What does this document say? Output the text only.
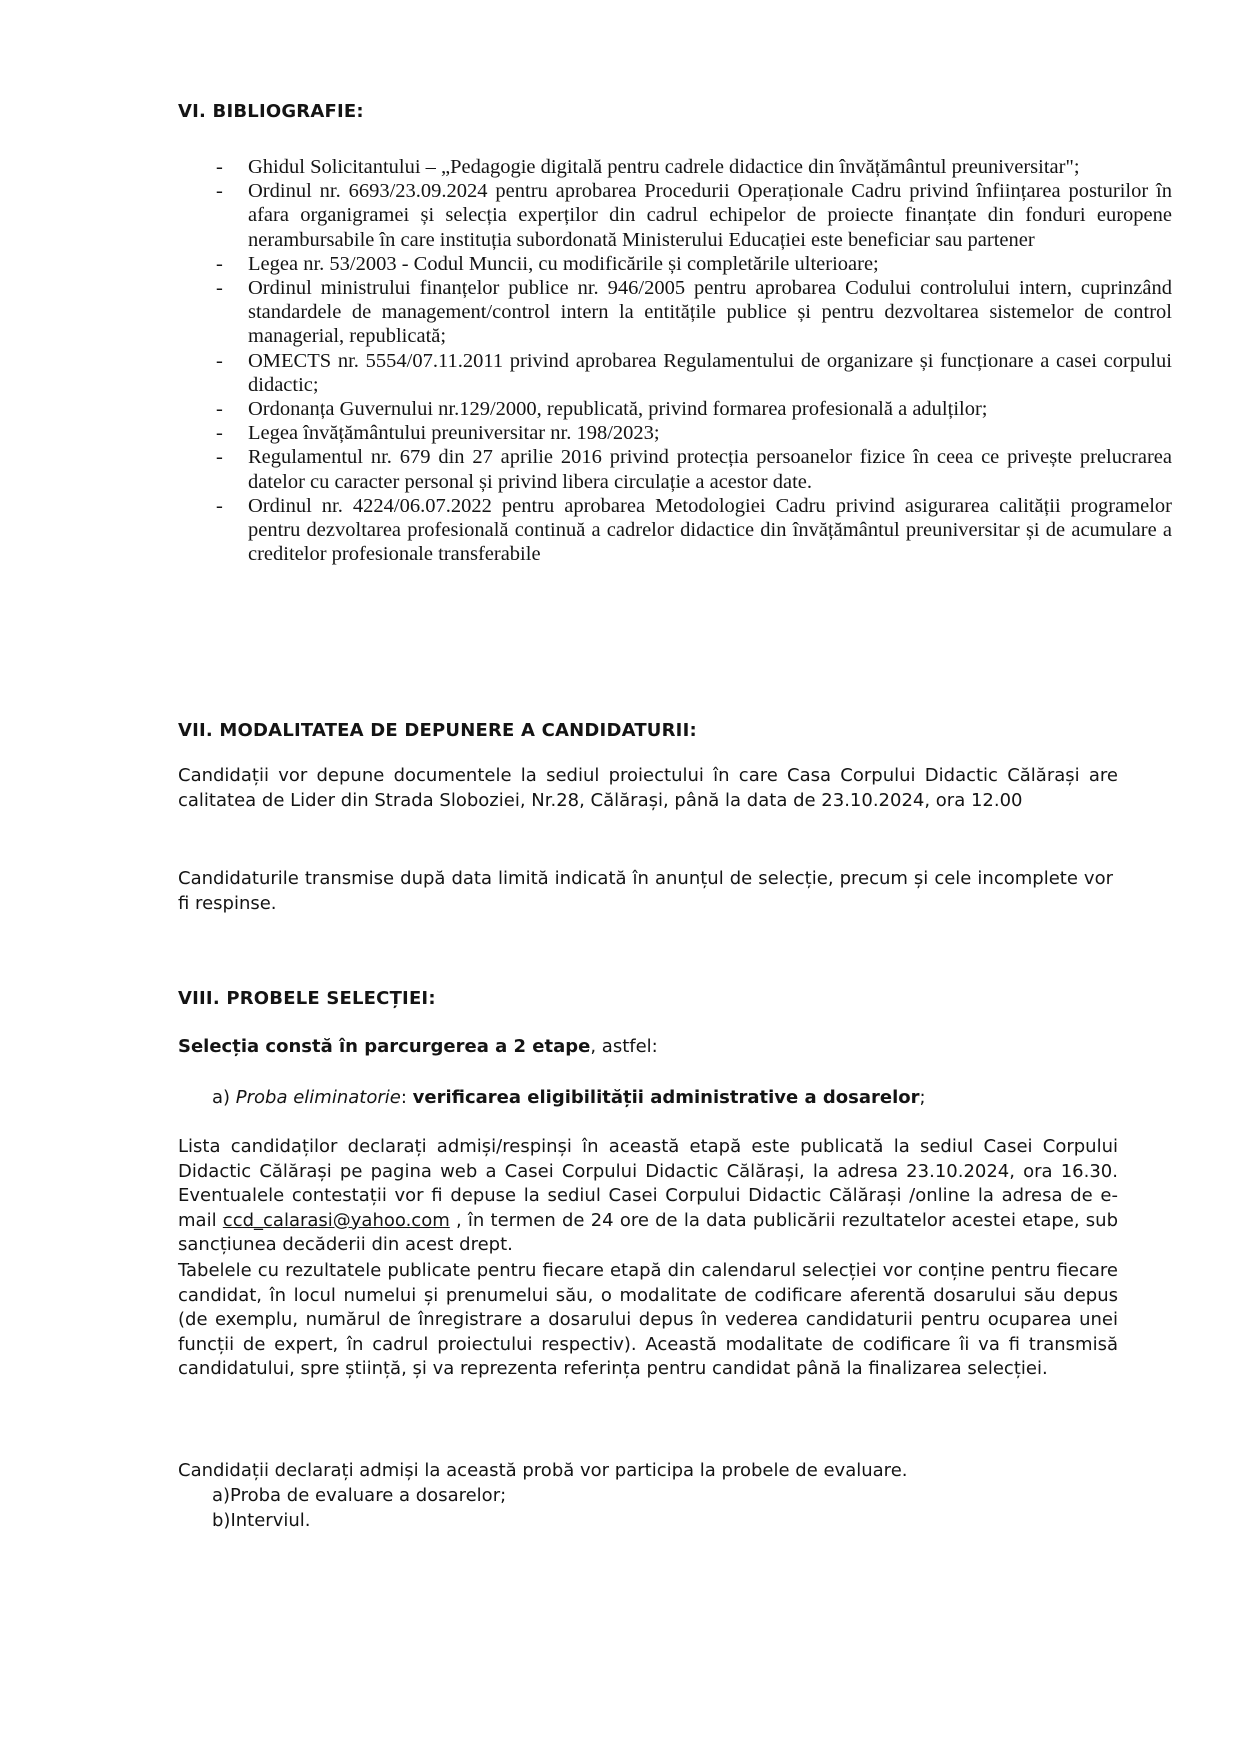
VI. BIBLIOGRAFIE:
- Ghidul Solicitantului – „Pedagogie digitală pentru cadrele didactice din învățământul preuniversitar";
- Ordinul nr. 6693/23.09.2024 pentru aprobarea Procedurii Operaționale Cadru privind înființarea posturilor în afara organigramei și selecția experților din cadrul echipelor de proiecte finanțate din fonduri europene nerambursabile în care instituția subordonată Ministerului Educației este beneficiar sau partener
- Legea nr. 53/2003 - Codul Muncii, cu modificările și completările ulterioare;
- Ordinul ministrului finanțelor publice nr. 946/2005 pentru aprobarea Codului controlului intern, cuprinzând standardele de management/control intern la entitățile publice și pentru dezvoltarea sistemelor de control managerial, republicată;
- OMECTS nr. 5554/07.11.2011 privind aprobarea Regulamentului de organizare și funcționare a casei corpului didactic;
- Ordonanța Guvernului nr.129/2000, republicată, privind formarea profesională a adulților;
- Legea învățământului preuniversitar nr. 198/2023;
- Regulamentul nr. 679 din 27 aprilie 2016 privind protecția persoanelor fizice în ceea ce privește prelucrarea datelor cu caracter personal și privind libera circulație a acestor date.
- Ordinul nr. 4224/06.07.2022 pentru aprobarea Metodologiei Cadru privind asigurarea calității programelor pentru dezvoltarea profesională continuă a cadrelor didactice din învățământul preuniversitar și de acumulare a creditelor profesionale transferabile
VII. MODALITATEA DE DEPUNERE A CANDIDATURII:
Candidații vor depune documentele la sediul proiectului în care Casa Corpului Didactic Călărași are calitatea de Lider din Strada Sloboziei, Nr.28, Călărași, până la data de 23.10.2024, ora 12.00
Candidaturile transmise după data limită indicată în anunțul de selecție, precum și cele incomplete vor fi respinse.
VIII. PROBELE SELECȚIEI:
Selecția constă în parcurgerea a 2 etape, astfel:
a) Proba eliminatorie: verificarea eligibilității administrative a dosarelor;
Lista candidaților declarați admiși/respinși în această etapă este publicată la sediul Casei Corpului Didactic Călărași pe pagina web a Casei Corpului Didactic Călărași, la adresa 23.10.2024, ora 16.30. Eventualele contestații vor fi depuse la sediul Casei Corpului Didactic Călărași /online la adresa de e-mail ccd_calarasi@yahoo.com , în termen de 24 ore de la data publicării rezultatelor acestei etape, sub sancțiunea decăderii din acest drept.
Tabelele cu rezultatele publicate pentru fiecare etapă din calendarul selecției vor conține pentru fiecare candidat, în locul numelui și prenumelui său, o modalitate de codificare aferentă dosarului său depus (de exemplu, numărul de înregistrare a dosarului depus în vederea candidaturii pentru ocuparea unei funcții de expert, în cadrul proiectului respectiv). Această modalitate de codificare îi va fi transmisă candidatului, spre știință, și va reprezenta referința pentru candidat până la finalizarea selecției.
Candidații declarați admiși la această probă vor participa la probele de evaluare.
a)Proba de evaluare a dosarelor;
b)Interviul.
